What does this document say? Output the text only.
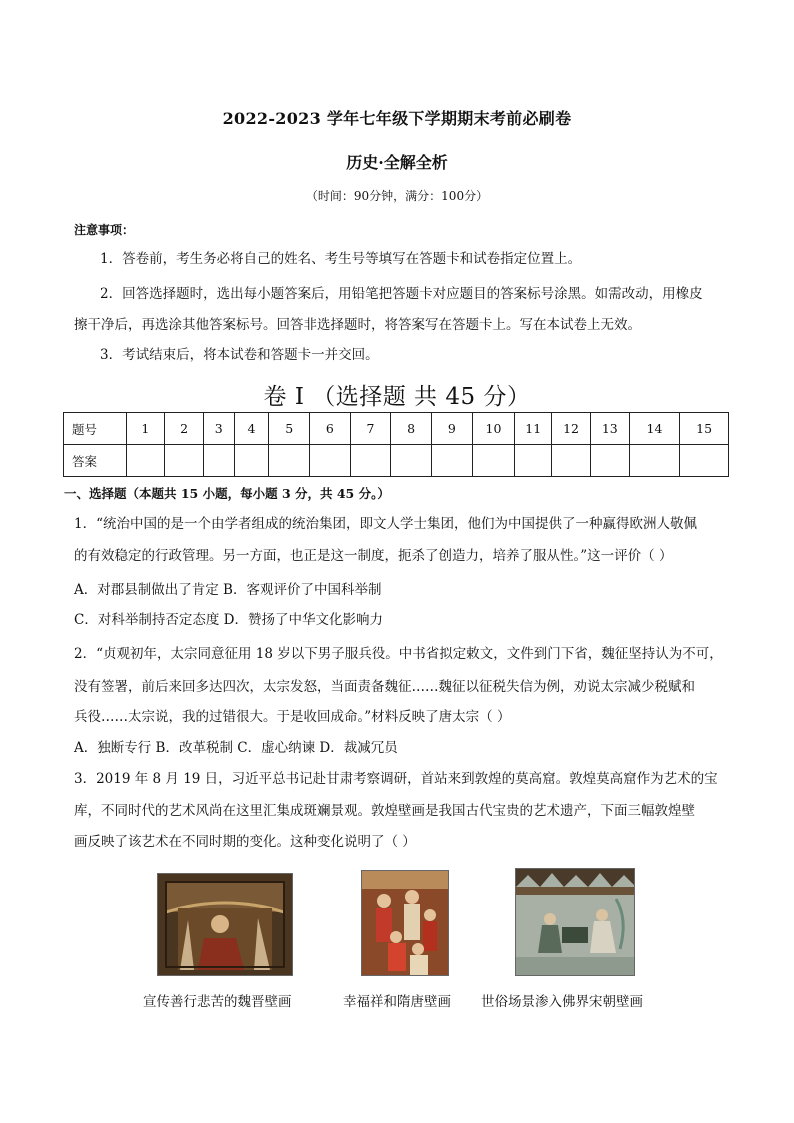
2022-2023 学年七年级下学期期末考前必刷卷
历史·全解全析
（时间：90分钟，满分：100分）
注意事项：
1．答卷前，考生务必将自己的姓名、考生号等填写在答题卡和试卷指定位置上。
2．回答选择题时，选出每小题答案后，用铅笔把答题卡对应题目的答案标号涂黑。如需改动，用橡皮
擦干净后，再选涂其他答案标号。回答非选择题时，将答案写在答题卡上。写在本试卷上无效。
3．考试结束后，将本试卷和答题卡一并交回。
卷 I （选择题 共 45 分）
题号	1	2	3	4	5	6	7	8	9	10	11	12	13	14	15
答案															
一、选择题（本题共 15 小题，每小题 3 分，共 45 分。）
1．“统治中国的是一个由学者组成的统治集团，即文人学士集团，他们为中国提供了一种赢得欧洲人敬佩
的有效稳定的行政管理。另一方面，也正是这一制度，扼杀了创造力，培养了服从性。”这一评价（ ）
A．对郡县制做出了肯定 B．客观评价了中国科举制
C．对科举制持否定态度 D．赞扬了中华文化影响力
2．“贞观初年，太宗同意征用 18 岁以下男子服兵役。中书省拟定敕文，文件到门下省，魏征坚持认为不可，
没有签署，前后来回多达四次，太宗发怒，当面责备魏征……魏征以征税失信为例，劝说太宗减少税赋和
兵役……太宗说，我的过错很大。于是收回成命。”材料反映了唐太宗（ ）
A．独断专行 B．改革税制 C．虚心纳谏 D．裁减冗员
3．2019 年 8 月 19 日，习近平总书记赴甘肃考察调研，首站来到敦煌的莫高窟。敦煌莫高窟作为艺术的宝
库，不同时代的艺术风尚在这里汇集成斑斓景观。敦煌壁画是我国古代宝贵的艺术遗产，下面三幅敦煌壁
画反映了该艺术在不同时期的变化。这种变化说明了（ ）
宣传善行悲苦的魏晋壁画	幸福祥和隋唐壁画 世俗场景渗入佛界宋朝壁画
